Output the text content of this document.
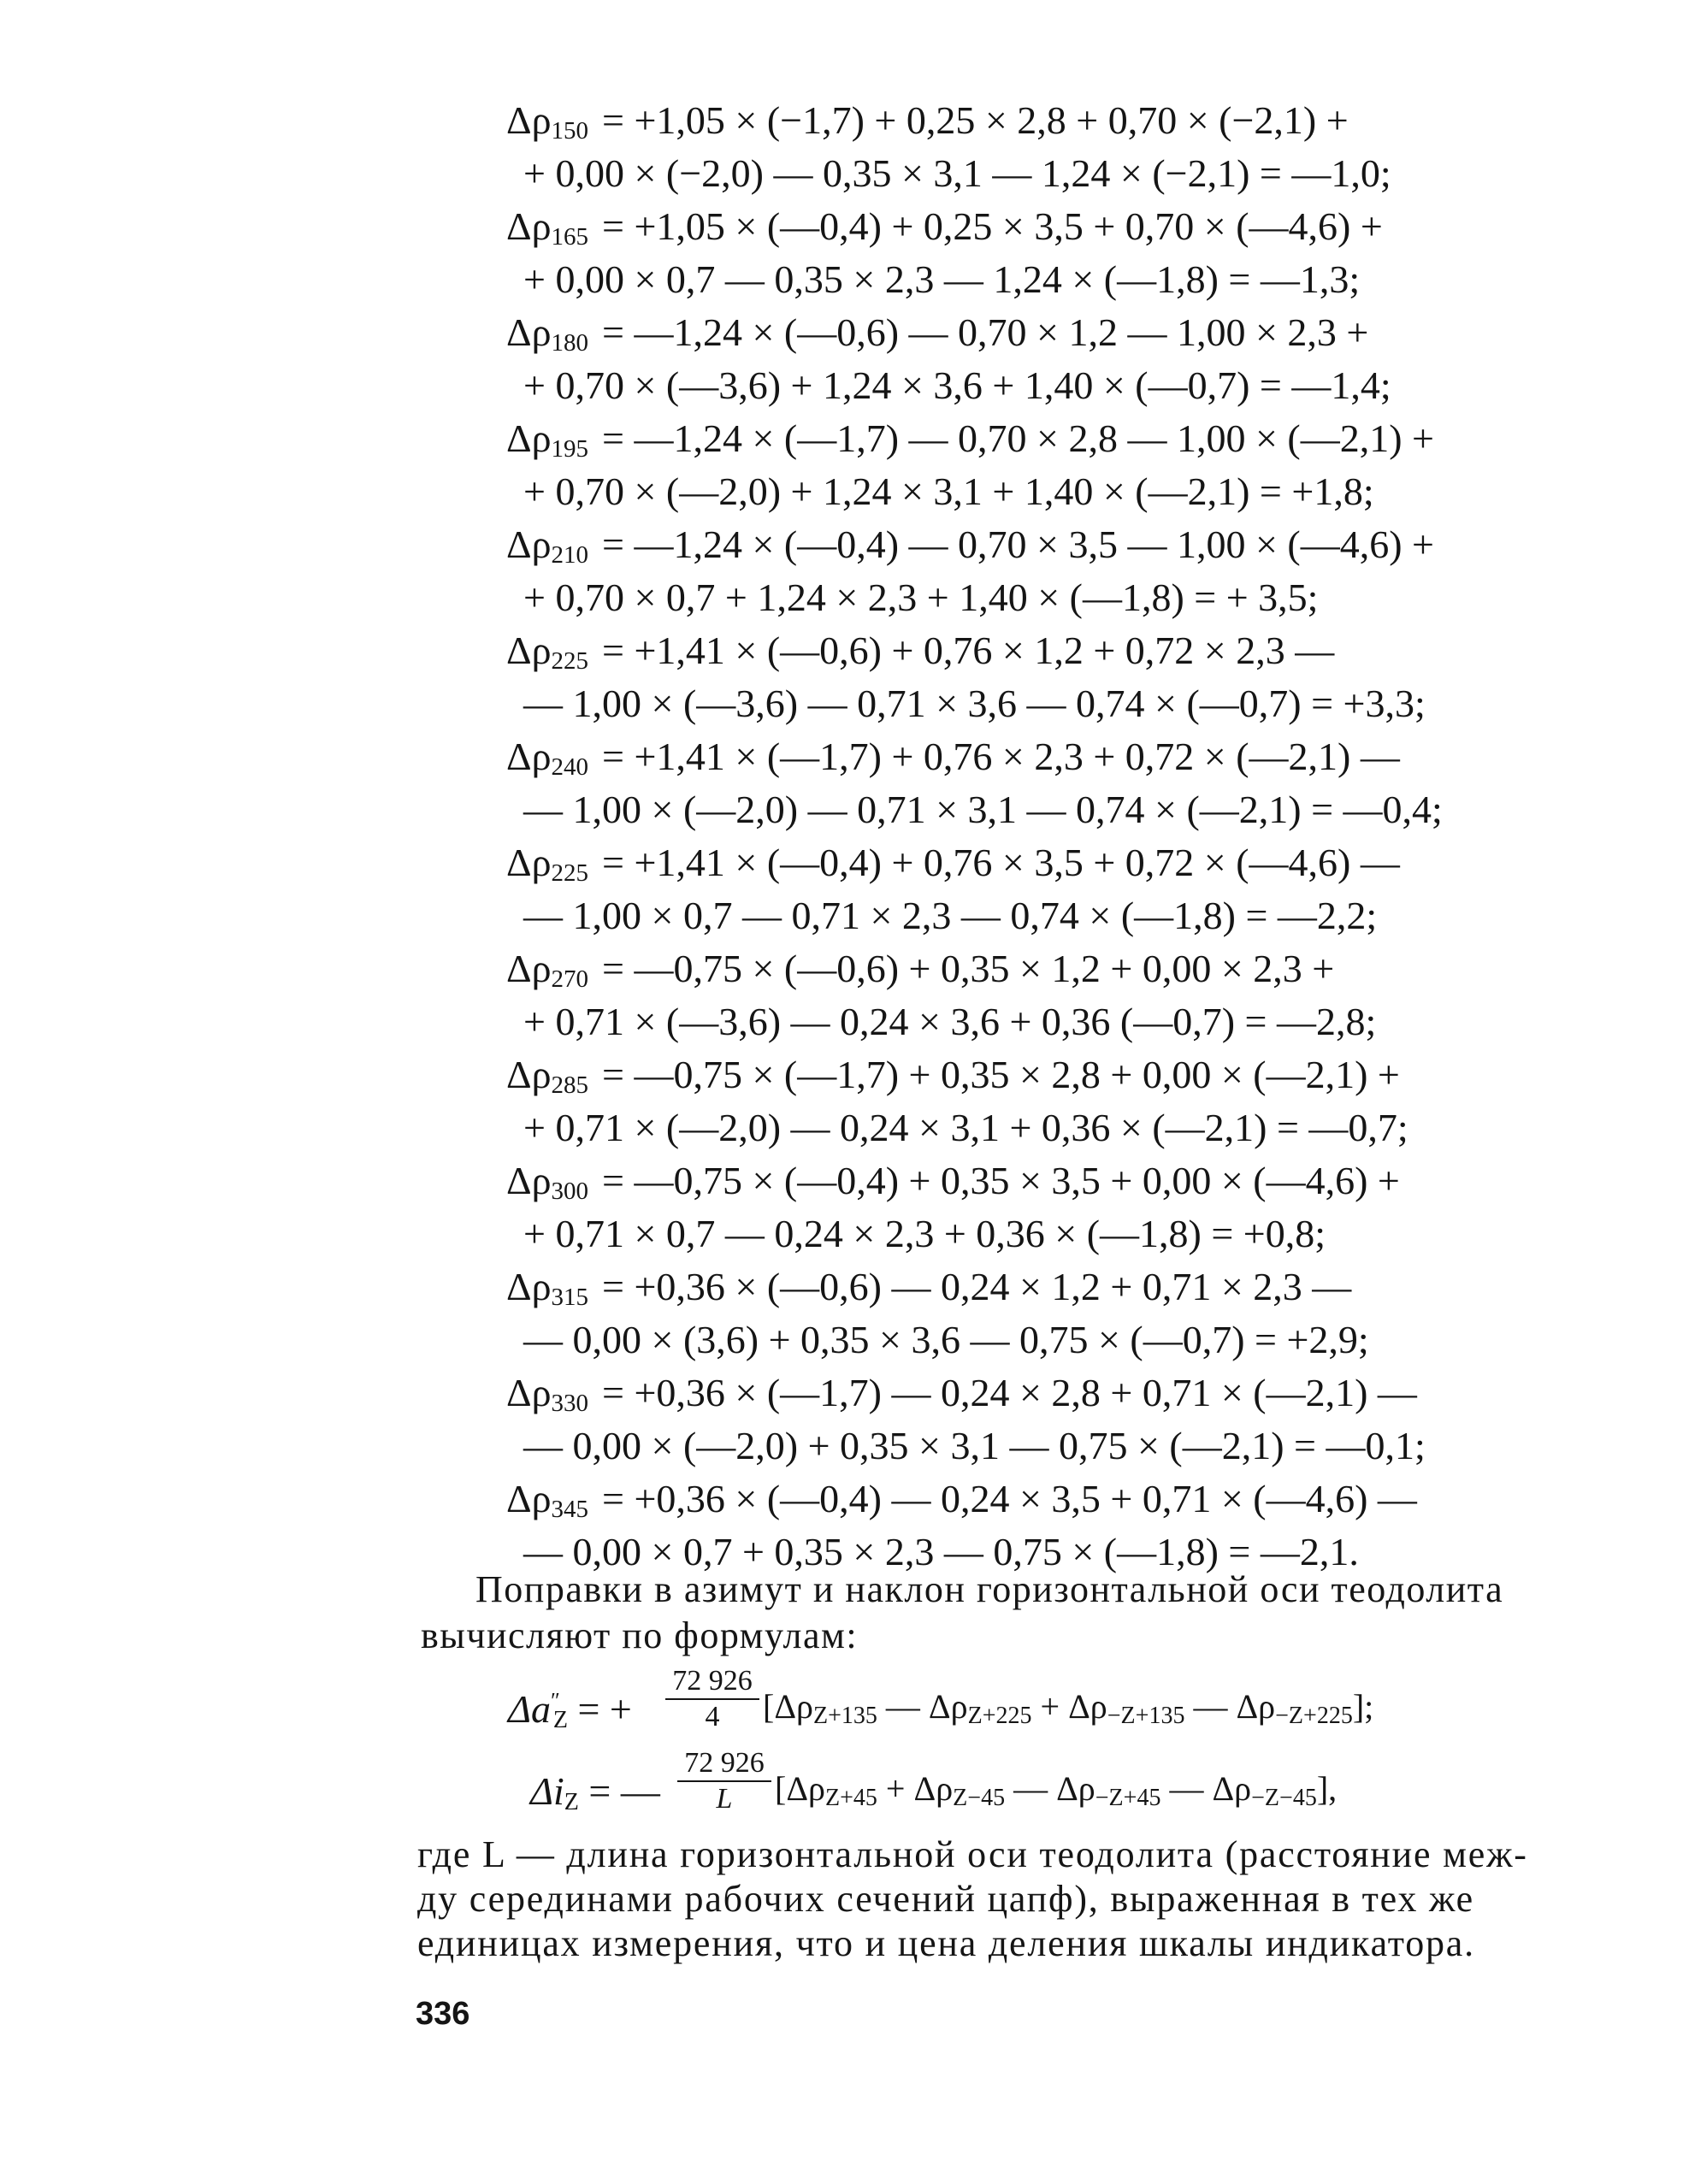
$\Delta\rho_{150} = +1,05 \times (-1,7) + 0,25 \times 2,8 + 0,70 \times (-2,1)$ +
+ 0,00 × (−2,0) — 0,35 × 3,1 — 1,24 × (−2,1) = —1,0;
$\Delta\rho_{165} = +1,05$ × (—0,4) + 0,25 × 3,5 + 0,70 × (—4,6) +
+ 0,00 × 0,7 — 0,35 × 2,3 — 1,24 × (—1,8) = —1,3;
$\Delta\rho_{180}$ = —1,24 × (—0,6) — 0,70 × 1,2 — 1,00 × 2,3 +
+ 0,70 × (—3,6) + 1,24 × 3,6 + 1,40 × (—0,7) = —1,4;
$\Delta\rho_{195}$ = —1,24 × (—1,7) — 0,70 × 2,8 — 1,00 × (—2,1) +
+ 0,70 × (—2,0) + 1,24 × 3,1 + 1,40 × (—2,1) = +1,8;
$\Delta\rho_{210}$ = —1,24 × (—0,4) — 0,70 × 3,5 — 1,00 × (—4,6) +
+ 0,70 × 0,7 + 1,24 × 2,3 + 1,40 × (—1,8) = + 3,5;
$\Delta\rho_{225} = +1,41$ × (—0,6) + 0,76 × 1,2 + 0,72 × 2,3 —
— 1,00 × (—3,6) — 0,71 × 3,6 — 0,74 × (—0,7) = +3,3;
$\Delta\rho_{240} = +1,41$ × (—1,7) + 0,76 × 2,3 + 0,72 × (—2,1) —
— 1,00 × (—2,0) — 0,71 × 3,1 — 0,74 × (—2,1) = —0,4;
$\Delta\rho_{225} = +1,41$ × (—0,4) + 0,76 × 3,5 + 0,72 × (—4,6) —
— 1,00 × 0,7 — 0,71 × 2,3 — 0,74 × (—1,8) = —2,2;
$\Delta\rho_{270}$ = —0,75 × (—0,6) + 0,35 × 1,2 + 0,00 × 2,3 +
+ 0,71 × (—3,6) — 0,24 × 3,6 + 0,36 (—0,7) = —2,8;
$\Delta\rho_{285}$ = —0,75 × (—1,7) + 0,35 × 2,8 + 0,00 × (—2,1) +
+ 0,71 × (—2,0) — 0,24 × 3,1 + 0,36 × (—2,1) = —0,7;
$\Delta\rho_{300}$ = —0,75 × (—0,4) + 0,35 × 3,5 + 0,00 × (—4,6) +
+ 0,71 × 0,7 — 0,24 × 2,3 + 0,36 × (—1,8) = +0,8;
$\Delta\rho_{315} = +0,36$ × (—0,6) — 0,24 × 1,2 + 0,71 × 2,3 —
— 0,00 × (3,6) + 0,35 × 3,6 — 0,75 × (—0,7) = +2,9;
$\Delta\rho_{330} = +0,36$ × (—1,7) — 0,24 × 2,8 + 0,71 × (—2,1) —
— 0,00 × (—2,0) + 0,35 × 3,1 — 0,75 × (—2,1) = —0,1;
$\Delta\rho_{345} = +0,36$ × (—0,4) — 0,24 × 3,5 + 0,71 × (—4,6) —
— 0,00 × 0,7 + 0,35 × 2,3 — 0,75 × (—1,8) = —2,1.
Поправки в азимут и наклон горизонтальной оси теодолита
вычисляют по формулам:
$\Delta a''_Z$ = +
72 926
4	[$\Delta\rho_{Z+135}$ — $\Delta\rho_{Z+225} + \Delta\rho_{-Z+135}$ — $\Delta\rho_{-Z+225}$];
$\Delta i_Z$ = —
72 926
L	[$\Delta\rho_{Z+45} + \Delta\rho_{Z-45}$ — $\Delta\rho_{-Z+45}$ — $\Delta\rho_{-Z-45}$],
где L — длина горизонтальной оси теодолита (расстояние меж-
ду серединами рабочих сечений цапф), выраженная в тех же
единицах измерения, что и цена деления шкалы индикатора.
336
